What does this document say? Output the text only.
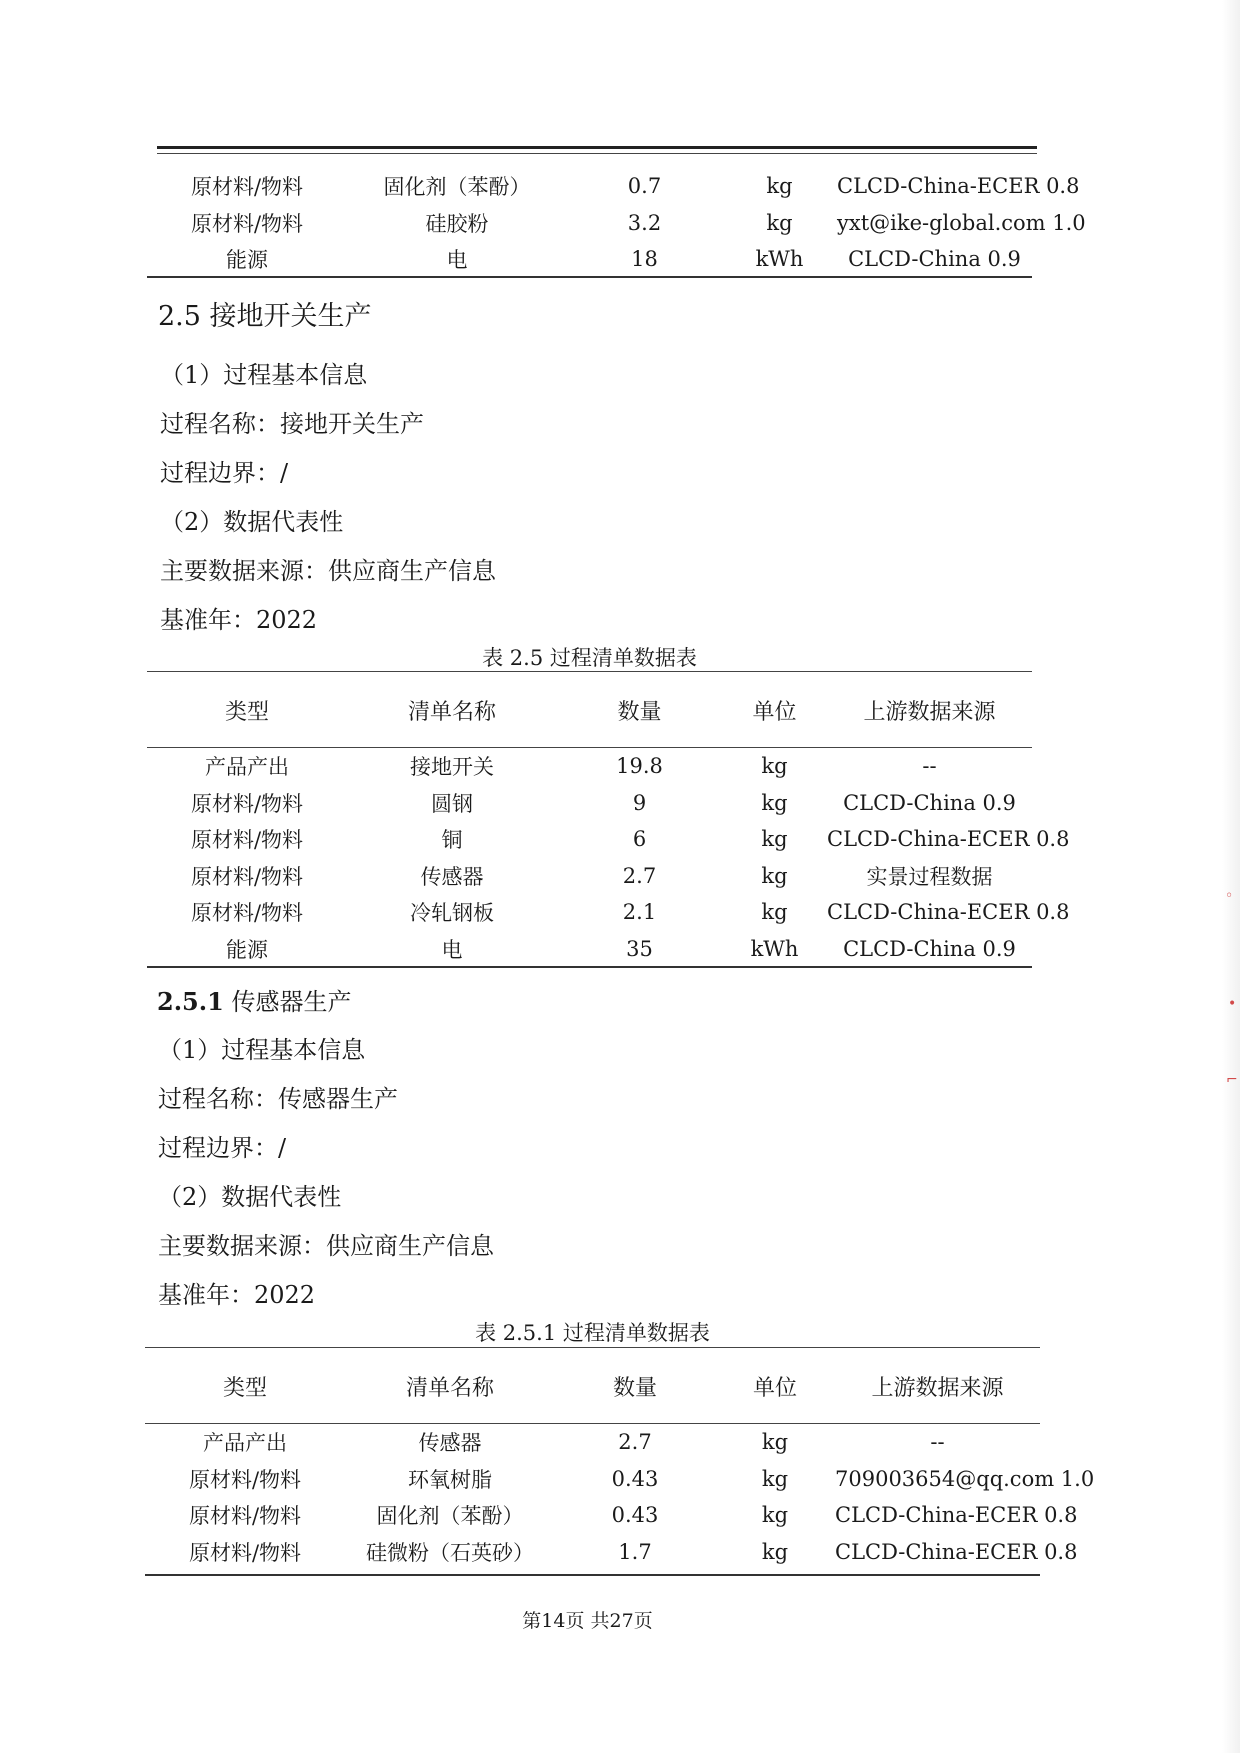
原材料/物料	固化剂（苯酚）	0.7	kg	CLCD-China-ECER 0.8
原材料/物料	硅胶粉	3.2	kg	yxt@ike-global.com 1.0
能源	电	18	kWh	CLCD-China 0.9
2.5 接地开关生产
（1）过程基本信息
过程名称：接地开关生产
过程边界：/
（2）数据代表性
主要数据来源：供应商生产信息
基准年：2022
表 2.5 过程清单数据表
类型	清单名称	数量	单位	上游数据来源
产品产出	接地开关	19.8	kg	--
原材料/物料	圆钢	9	kg	CLCD-China 0.9
原材料/物料	铜	6	kg	CLCD-China-ECER 0.8
原材料/物料	传感器	2.7	kg	实景过程数据
原材料/物料	冷轧钢板	2.1	kg	CLCD-China-ECER 0.8
能源	电	35	kWh	CLCD-China 0.9
2.5.1 传感器生产
（1）过程基本信息
过程名称：传感器生产
过程边界：/
（2）数据代表性
主要数据来源：供应商生产信息
基准年：2022
表 2.5.1 过程清单数据表
类型	清单名称	数量	单位	上游数据来源
产品产出	传感器	2.7	kg	--
原材料/物料	环氧树脂	0.43	kg	709003654@qq.com 1.0
原材料/物料	固化剂（苯酚）	0.43	kg	CLCD-China-ECER 0.8
原材料/物料	硅微粉（石英砂）	1.7	kg	CLCD-China-ECER 0.8
第14页 共27页
◦
•
⌐
